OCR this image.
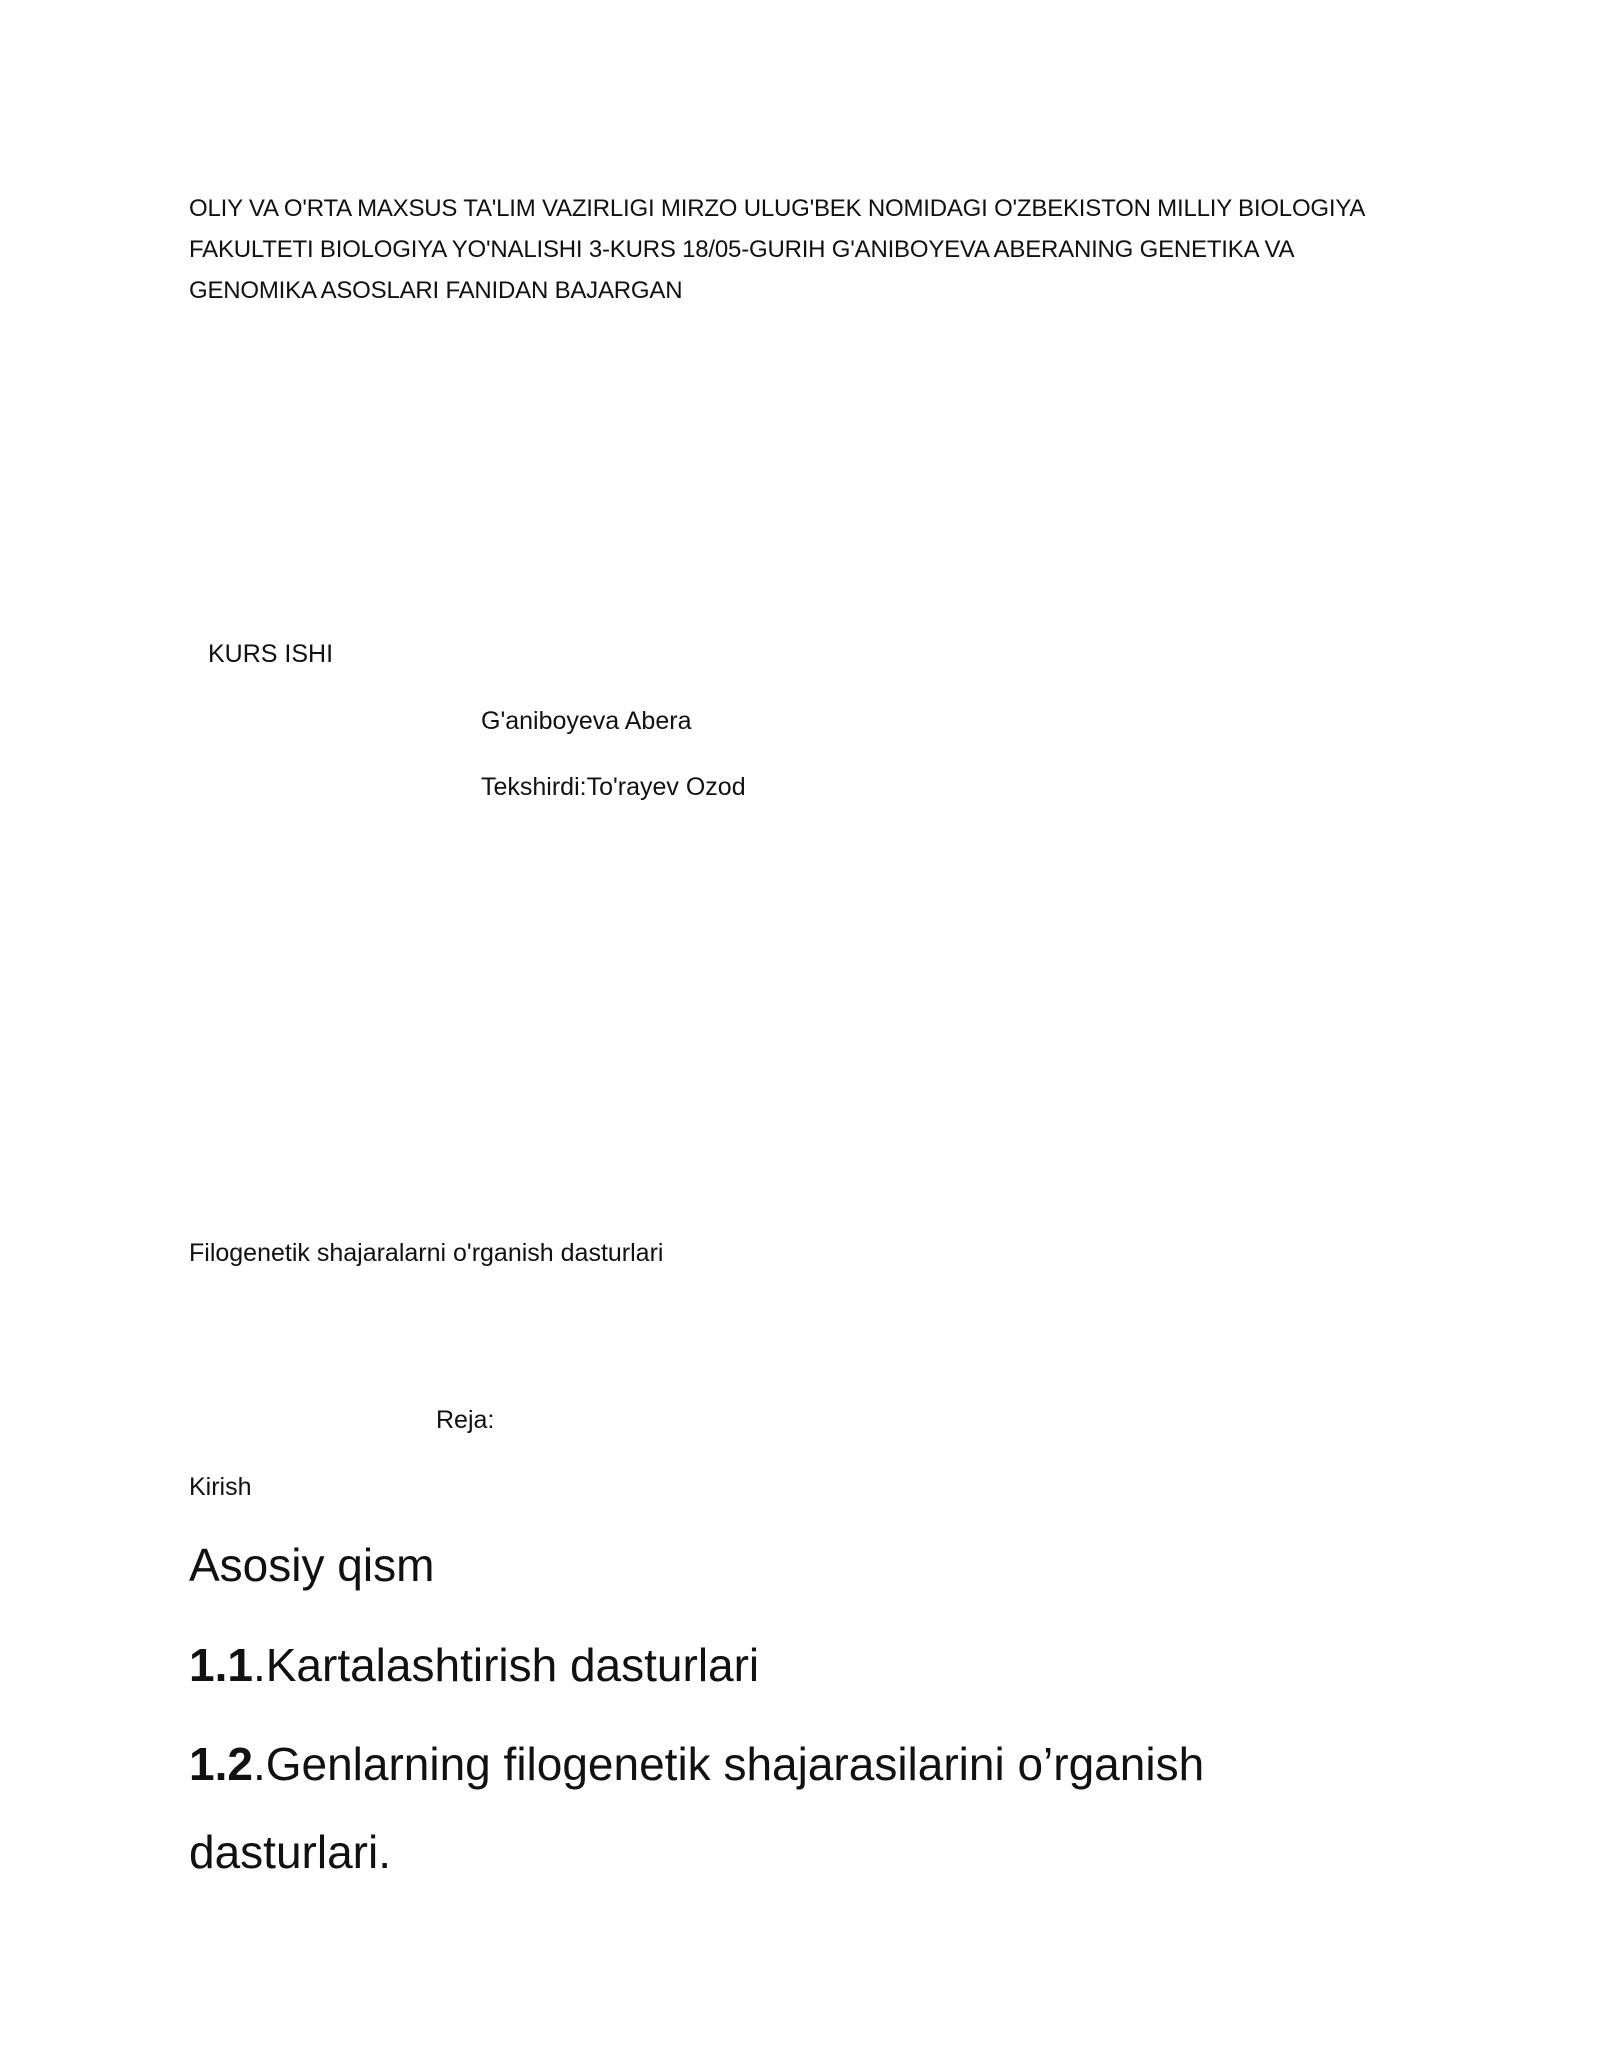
OLIY VA O'RTA MAXSUS TA'LIM VAZIRLIGI MIRZO ULUG'BEK NOMIDAGI O'ZBEKISTON MILLIY BIOLOGIYA
FAKULTETI BIOLOGIYA YO'NALISHI 3-KURS 18/05-GURIH G'ANIBOYEVA ABERANING GENETIKA VA
GENOMIKA ASOSLARI FANIDAN BAJARGAN
KURS ISHI
G'aniboyeva Abera
Tekshirdi:To'rayev Ozod
Filogenetik shajaralarni o'rganish dasturlari
Reja:
Kirish
Asosiy qism
1.1.Kartalashtirish dasturlari
1.2.Genlarning filogenetik shajarasilarini o’rganish
dasturlari.
